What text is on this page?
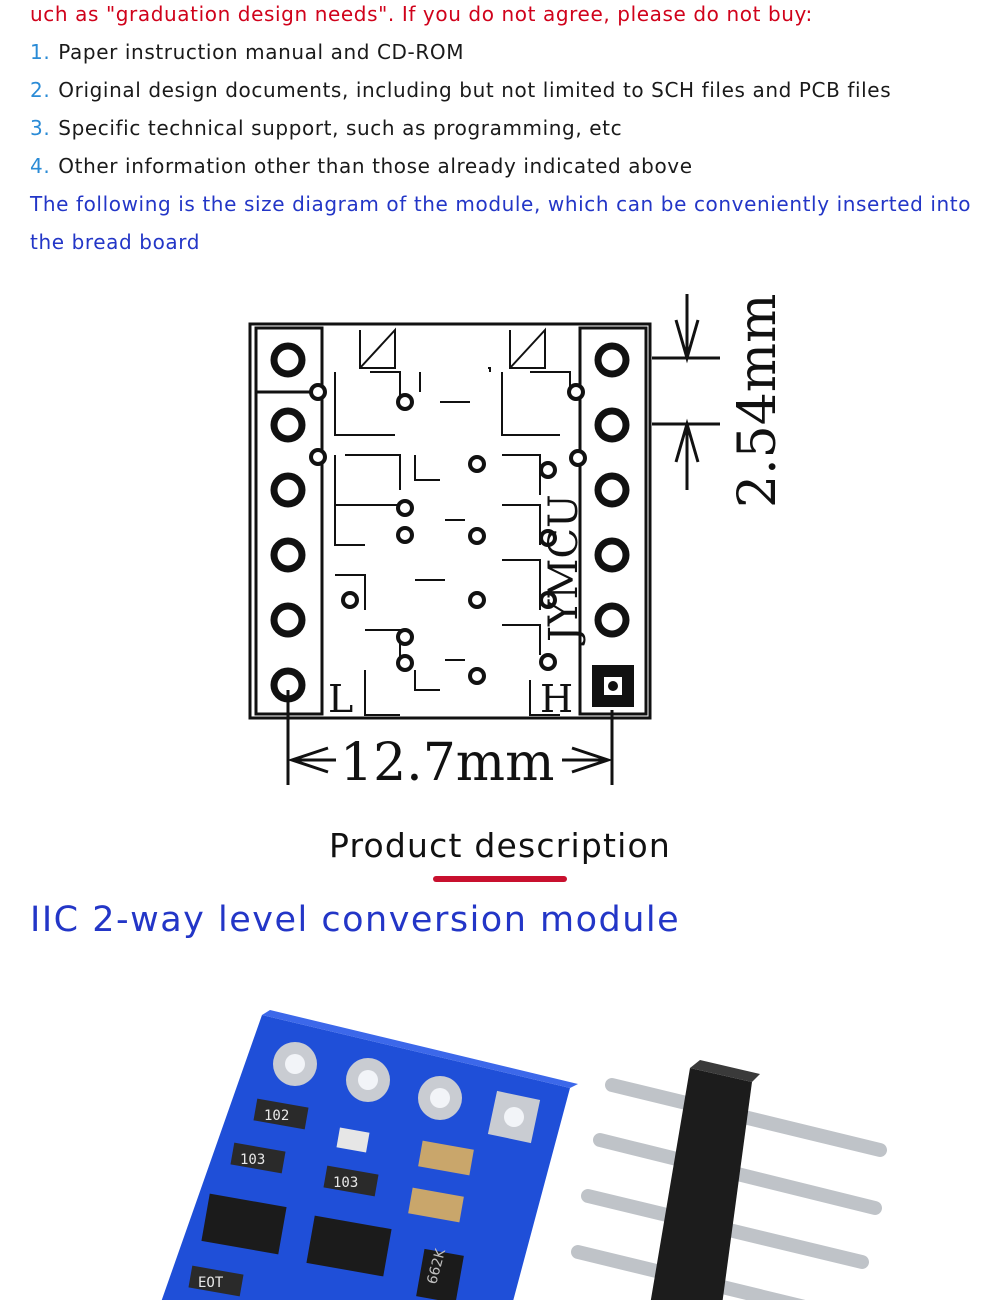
uch as "graduation design needs". If you do not agree, please do not buy:
1. Paper instruction manual and CD-ROM
2. Original design documents, including but not limited to SCH files and PCB files
3. Specific technical support, such as programming, etc
4. Other information other than those already indicated above
The following is the size diagram of the module, which can be conveniently inserted into
the bread board
JYMCU
L	H
2.54mm
12.7mm
Product description
IIC 2-way level conversion module
102
103
103
EOT	662K
